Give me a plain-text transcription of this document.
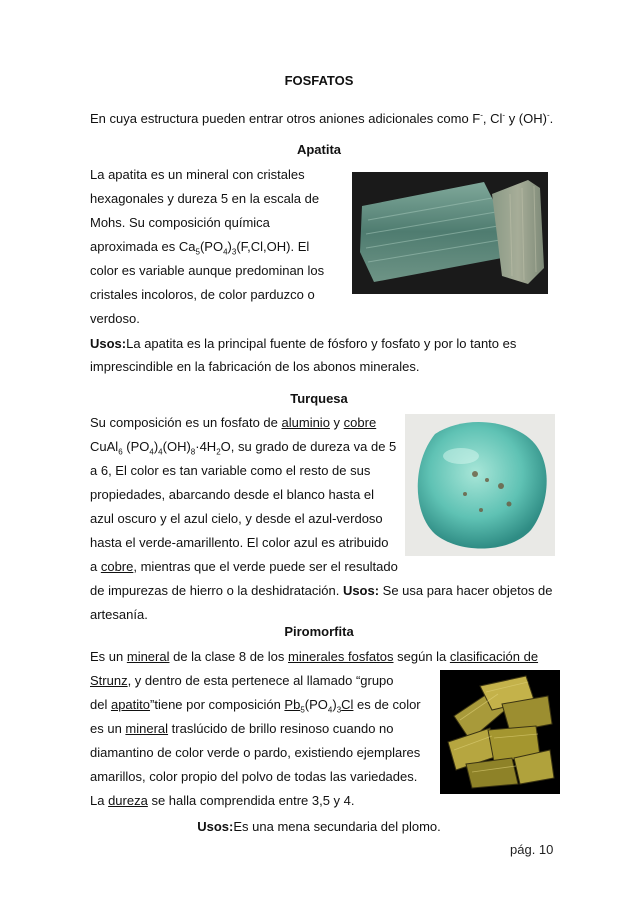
FOSFATOS
En cuya estructura pueden entrar otros aniones adicionales como F-, Cl- y (OH)-.
Apatita
La apatita es un mineral con cristales
hexagonales y dureza 5 en la escala de
Mohs. Su composición química
aproximada es $Ca_5(PO_4)_3(F,Cl,OH)$. El
color es variable aunque predominan los
cristales incoloros, de color parduzco o
verdoso.
Usos:La apatita es la principal fuente de fósforo y fosfato y por lo tanto es
imprescindible en la fabricación de los abonos minerales.
Turquesa
Su composición es un fosfato de aluminio y cobre
CuAl$_6$ $(PO_4)_4(OH)_8\cdot 4H_2O$, su grado de dureza va de 5
a 6, El color es tan variable como el resto de sus
propiedades, abarcando desde el blanco hasta el
azul oscuro y el azul cielo, y desde el azul-verdoso
hasta el verde-amarillento. El color azul es atribuido
a cobre, mientras que el verde puede ser el resultado
de impurezas de hierro o la deshidratación. Usos: Se usa para hacer objetos de
artesanía.
Piromorfita
Es un mineral de la clase 8 de los minerales fosfatos según la clasificación de
Strunz, y dentro de esta pertenece al llamado “grupo
del apatito”tiene por composición $Pb_5(PO_4)_3Cl$ es de color
es un mineral traslúcido de brillo resinoso cuando no
diamantino de color verde o pardo, existiendo ejemplares
amarillos, color propio del polvo de todas las variedades.
La dureza se halla comprendida entre 3,5 y 4.
Usos:Es una mena secundaria del plomo.
pág. 10
